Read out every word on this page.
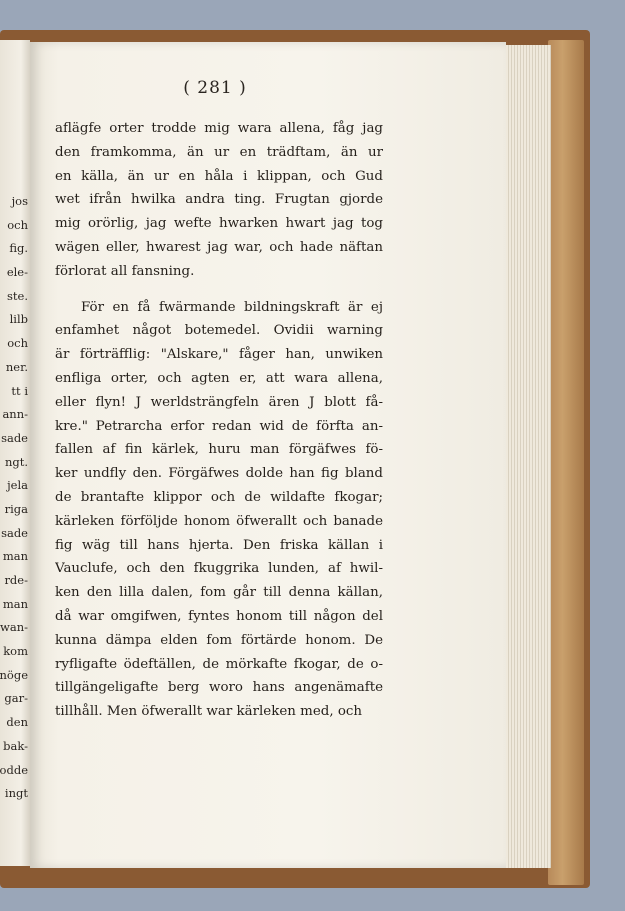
jos
och
fig.
ele-
ste.
lilb
och
ner.
tt i
ann-
sade
ngt.
jela
riga
sade
man
rde-
man
wan-
kom
nöge
gar-
den
bak-
odde
ingt
( 281 )
aflägfe orter trodde mig wara allena, fåg jag
den framkomma, än ur en trädftam, än ur
en källa, än ur en håla i klippan, och Gud
wet ifrån hwilka andra ting. Frugtan gjorde
mig orörlig, jag wefte hwarken hwart jag tog
wägen eller, hwarest jag war, och hade näftan
förlorat all fansning.
För en få fwärmande bildningskraft är ej
enfamhet något botemedel. Ovidii warning
är förträfflig: "Alskare," fåger han, unwiken
enfliga orter, och agten er, att wara allena,
eller flyn! J werldsträngfeln ären J blott få-
kre." Petrarcha erfor redan wid de förfta an-
fallen af fin kärlek, huru man förgäfwes fö-
ker undfly den. Förgäfwes dolde han fig bland
de brantafte klippor och de wildafte fkogar;
kärleken förföljde honom öfwerallt och banade
fig wäg till hans hjerta. Den friska källan i
Vauclufe, och den fkuggrika lunden, af hwil-
ken den lilla dalen, fom går till denna källan,
då war omgifwen, fyntes honom till någon del
kunna dämpa elden fom förtärde honom. De
ryfligafte ödeftällen, de mörkafte fkogar, de o-
tillgängeligafte berg woro hans angenämafte
tillhåll. Men öfwerallt war kärleken med, och
